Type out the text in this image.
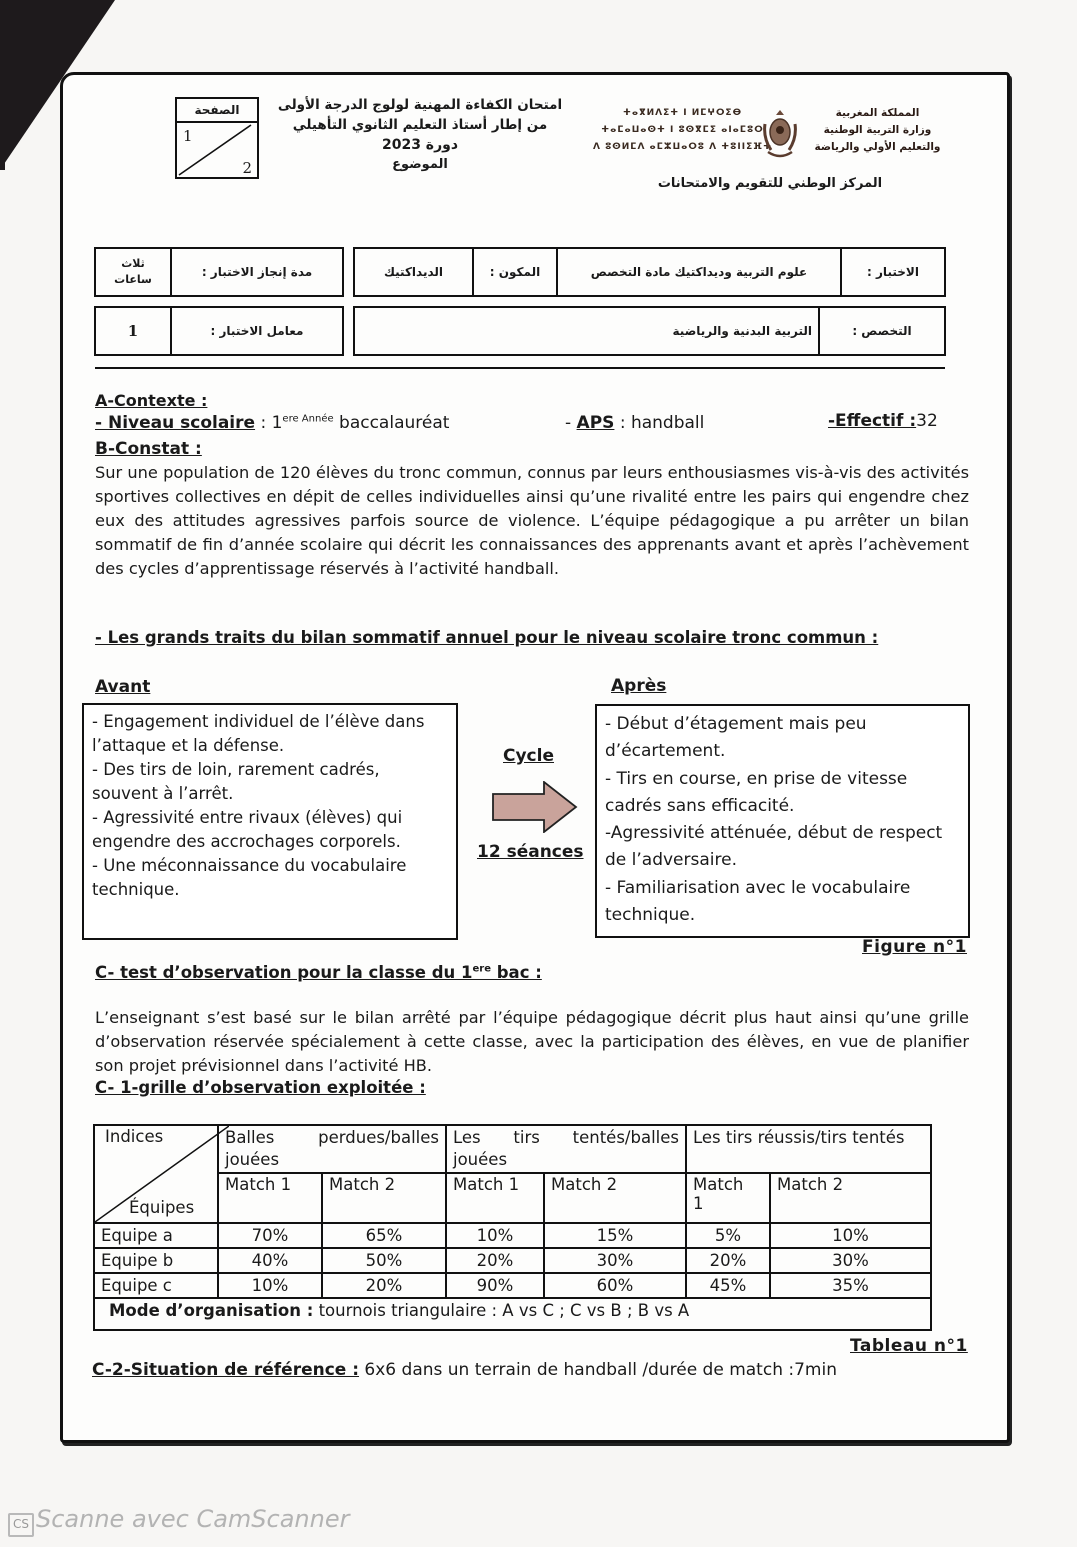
الصفحة
1
2
امتحان الكفاءة المهنية لولوج الدرجة الأولى
من إطار أستاذ التعليم الثانوي التأهيلي
دورة 2023
الموضوع
ⵜⴰⴳⵍⴷⵉⵜ ⵏ ⵍⵎⵖⵔⵉⴱ
ⵜⴰⵎⴰⵡⴰⵙⵜ ⵏ ⵓⵙⴳⵎⵉ ⴰⵏⴰⵎⵓⵔ
ⴷ ⵓⵙⵍⵎⴷ ⴰⵎⵣⵡⴰⵔⵓ ⴷ ⵜⵓⵏⵏⵉⴼⵜ
المملكة المغربية
وزارة التربية الوطنية
والتعليم الأولي والرياضة
المركز الوطني للتقويم والامتحانات
مدة إنجاز الاختبار :	
ثلاث
ساعات
الاختبار :	علوم التربية وديداكتيك مادة التخصص	المكون :	الديداكتيك
معامل الاختبار :	1	التخصص :	التربية البدنية والرياضية
A-Contexte :
- Niveau scolaire : $1^{ere Année}$ baccalauréat	- APS : handball	-Effectif :32
B-Constat :
Sur une population de 120 élèves du tronc commun, connus par leurs enthousiasmes vis-à-vis des activités sportives collectives en dépit de celles individuelles ainsi qu’une rivalité entre les pairs qui engendre chez eux des attitudes agressives parfois source de violence. L’équipe pédagogique a pu arrêter un bilan sommatif de fin d’année scolaire qui décrit les connaissances des apprenants avant et après l’achèvement des cycles d’apprentissage réservés à l’activité handball.
- Les grands traits du bilan sommatif annuel pour le niveau scolaire tronc commun :
Avant
- Engagement individuel de l’élève dans l’attaque et la défense.
- Des tirs de loin, rarement cadrés, souvent à l’arrêt.
- Agressivité entre rivaux (élèves) qui engendre des accrochages corporels.
- Une méconnaissance du vocabulaire technique.
Cycle
12 séances
Après
- Début d’étagement mais peu d’écartement.
- Tirs en course, en prise de vitesse cadrés sans efficacité.
-Agressivité atténuée, début de respect de l’adversaire.
- Familiarisation avec le vocabulaire technique.
Figure n°1
C- test d’observation pour la classe du 1ere bac :
L’enseignant s’est basé sur le bilan arrêté par l’équipe pédagogique décrit plus haut ainsi qu’une grille d’observation réservée spécialement à cette classe, avec la participation des élèves, en vue de planifier son projet prévisionnel dans l’activité HB.
C- 1-grille d’observation exploitée :
Indices
Équipes	Balles perdues/balles jouées		Les tirs tentés/balles jouées		Les tirs réussis/tirs tentés	
	Match 1	Match 2	Match 1	Match 2	Match 1	Match 2
Equipe a	70%	65%	10%	15%	5%	10%
Equipe b	40%	50%	20%	30%	20%	30%
Equipe c	10%	20%	90%	60%	45%	35%
Mode d’organisation : tournois triangulaire : A vs C ; C vs B ; B vs A						
Tableau n°1
C-2-Situation de référence : 6x6 dans un terrain de handball /durée de match :7min
CS Scanne avec CamScanner
